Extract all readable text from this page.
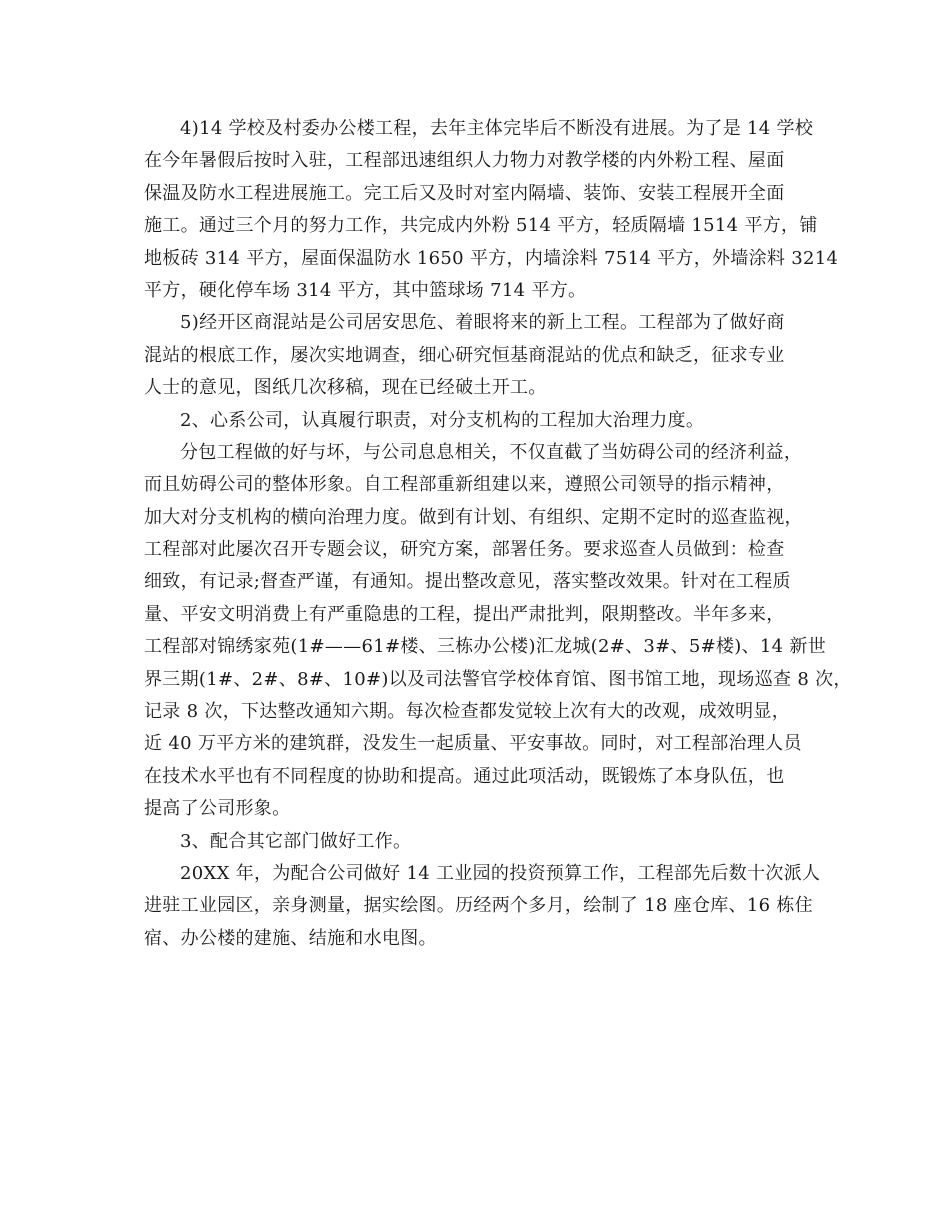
4)14 学校及村委办公楼工程，去年主体完毕后不断没有进展。为了是 14 学校
在今年暑假后按时入驻，工程部迅速组织人力物力对教学楼的内外粉工程、屋面
保温及防水工程进展施工。完工后又及时对室内隔墙、装饰、安装工程展开全面
施工。通过三个月的努力工作，共完成内外粉 514 平方，轻质隔墙 1514 平方，铺
地板砖 314 平方，屋面保温防水 1650 平方，内墙涂料 7514 平方，外墙涂料 3214
平方，硬化停车场 314 平方，其中篮球场 714 平方。
5)经开区商混站是公司居安思危、着眼将来的新上工程。工程部为了做好商
混站的根底工作，屡次实地调查，细心研究恒基商混站的优点和缺乏，征求专业
人士的意见，图纸几次移稿，现在已经破土开工。
2、心系公司，认真履行职责，对分支机构的工程加大治理力度。
分包工程做的好与坏，与公司息息相关，不仅直截了当妨碍公司的经济利益，
而且妨碍公司的整体形象。自工程部重新组建以来，遵照公司领导的指示精神，
加大对分支机构的横向治理力度。做到有计划、有组织、定期不定时的巡查监视，
工程部对此屡次召开专题会议，研究方案，部署任务。要求巡查人员做到：检查
细致，有记录;督查严谨，有通知。提出整改意见，落实整改效果。针对在工程质
量、平安文明消费上有严重隐患的工程，提出严肃批判，限期整改。半年多来，
工程部对锦绣家苑(1#——61#楼、三栋办公楼)汇龙城(2#、3#、5#楼)、14 新世
界三期(1#、2#、8#、10#)以及司法警官学校体育馆、图书馆工地，现场巡查 8 次，
记录 8 次，下达整改通知六期。每次检查都发觉较上次有大的改观，成效明显，
近 40 万平方米的建筑群，没发生一起质量、平安事故。同时，对工程部治理人员
在技术水平也有不同程度的协助和提高。通过此项活动，既锻炼了本身队伍，也
提高了公司形象。
3、配合其它部门做好工作。
20XX 年，为配合公司做好 14 工业园的投资预算工作，工程部先后数十次派人
进驻工业园区，亲身测量，据实绘图。历经两个多月，绘制了 18 座仓库、16 栋住
宿、办公楼的建施、结施和水电图。
